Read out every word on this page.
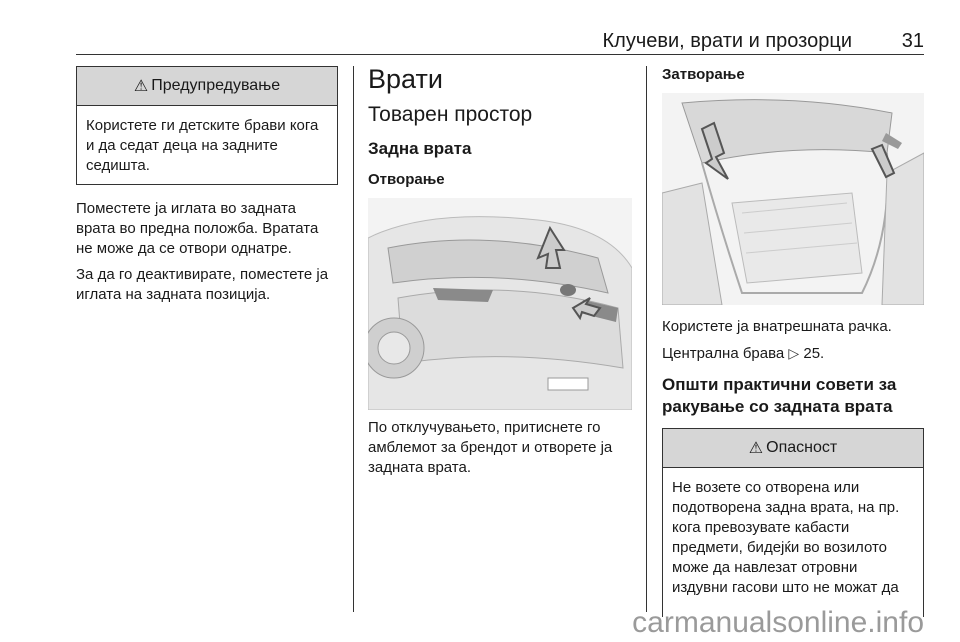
Клучеви, врати и прозорци 31
⚠ Предупредување
Користете ги детските брави кога и да седат деца на задните седишта.

Поместете ја иглата во задната врата во предна положба. Вратата не може да се отвори однатре.

За да го деактивирате, поместете ја иглата на задната позиција.

Врати
Товарен простор
Задна врата
Отворање

По отклучувањето, притиснете го амблемот за брендот и отворете ја задната врата.

Затворање

Користете ја внатрешната рачка.

Централна брава ▷ 25.

Општи практични совети за
ракување со задната врата
⚠ Опасност
Не возете со отворена или подотворена задна врата, на пр. кога превозувате кабасти предмети, бидејќи во возилото може да навлезат отровни издувни гасови што не можат да
carmanualsonline.info
